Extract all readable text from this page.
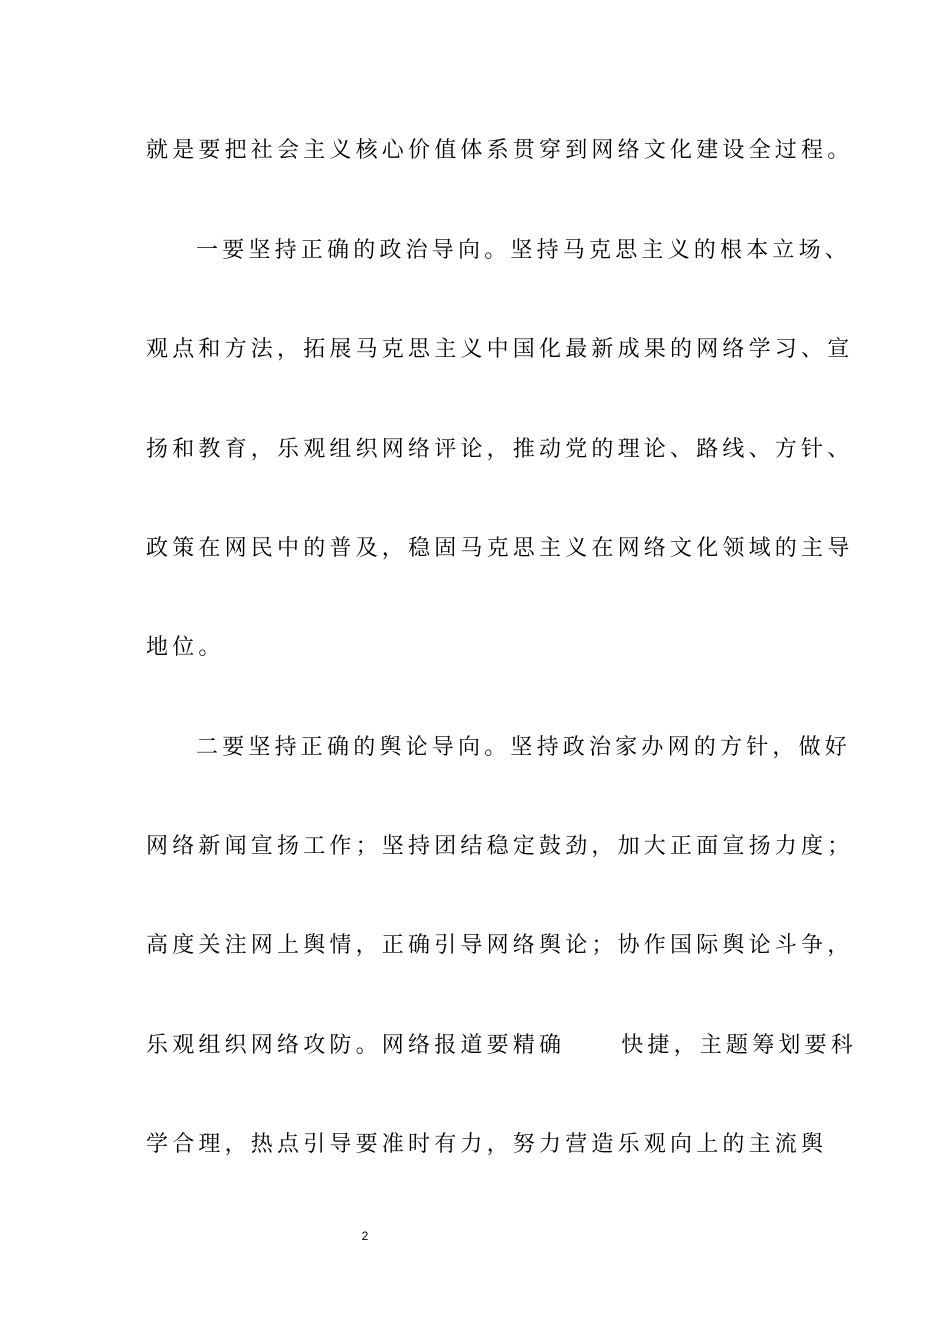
就是要把社会主义核心价值体系贯穿到网络文化建设全过程。
一要坚持正确的政治导向。坚持马克思主义的根本立场、
观点和方法，拓展马克思主义中国化最新成果的网络学习、宣
扬和教育，乐观组织网络评论，推动党的理论、路线、方针、
政策在网民中的普及，稳固马克思主义在网络文化领域的主导
地位。
二要坚持正确的舆论导向。坚持政治家办网的方针，做好
网络新闻宣扬工作；坚持团结稳定鼓劲，加大正面宣扬力度；
高度关注网上舆情，正确引导网络舆论；协作国际舆论斗争，
乐观组织网络攻防。网络报道要精确	快捷，主题筹划要科
学合理，热点引导要准时有力，努力营造乐观向上的主流舆
2
